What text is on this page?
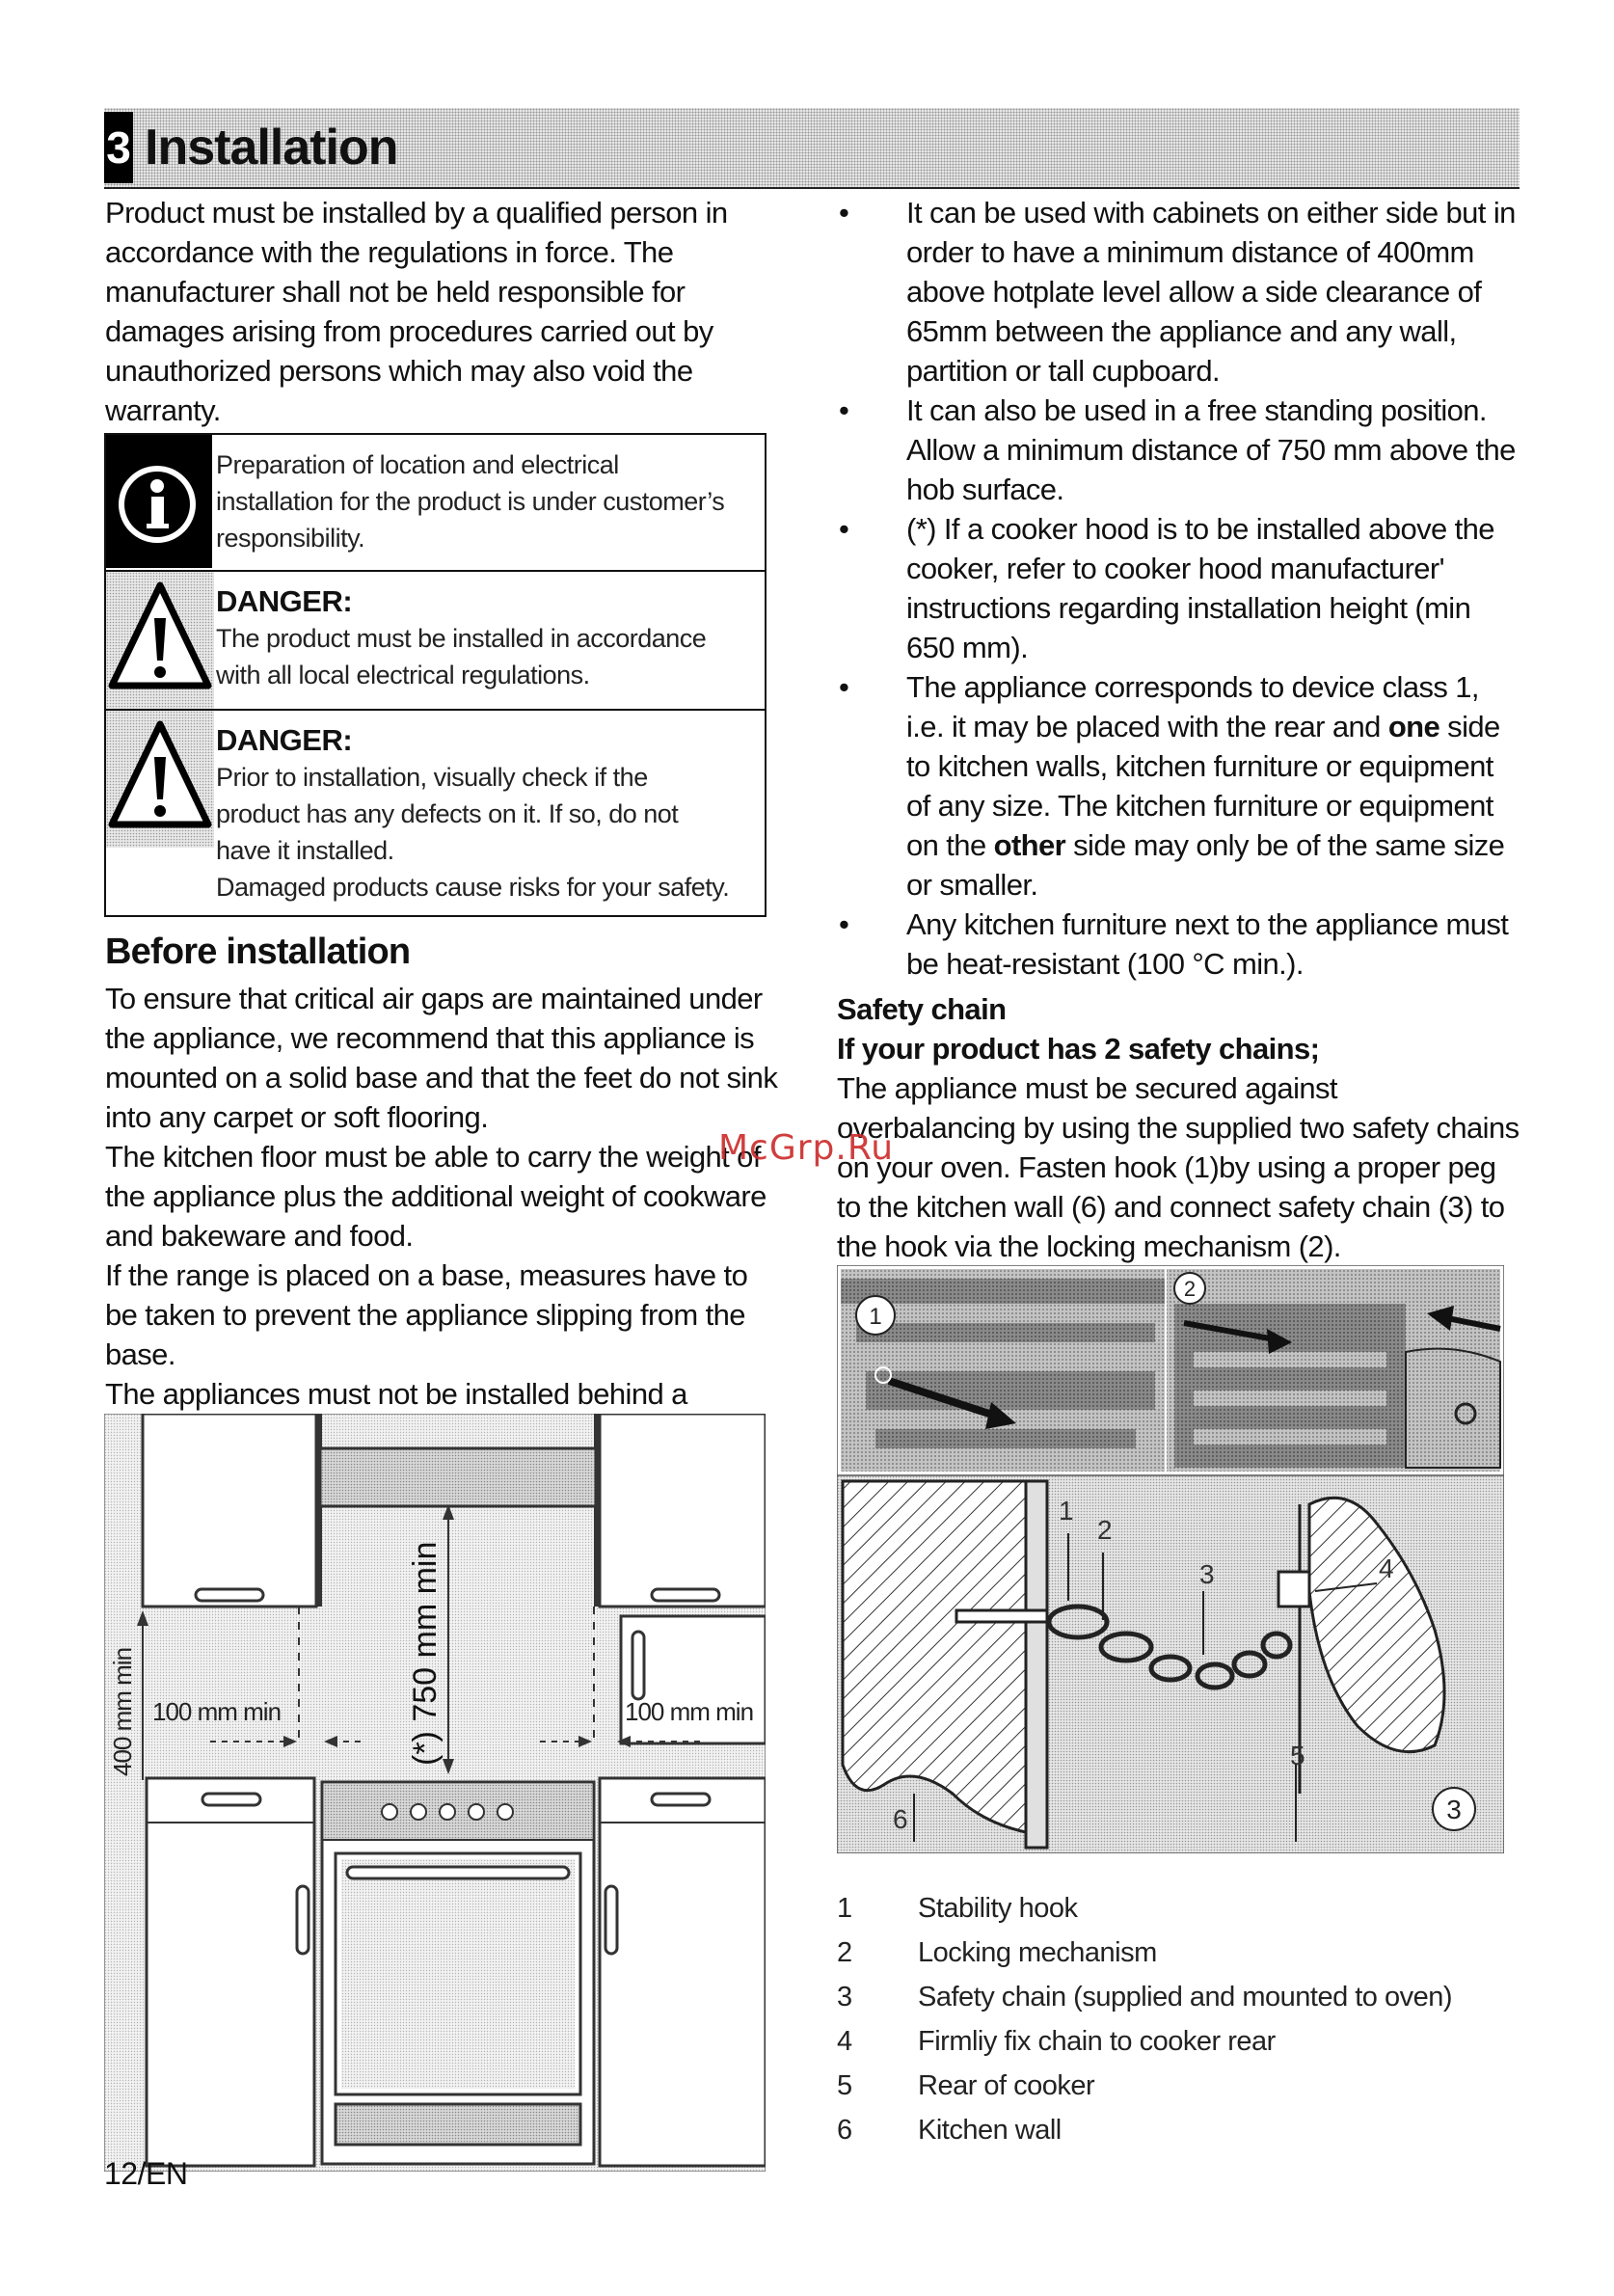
3 Installation
Product must be installed by a qualified person in accordance with the regulations in force. The manufacturer shall not be held responsible for damages arising from procedures carried out by unauthorized persons which may also void the warranty.
Preparation of location and electrical
installation for the product is under customer’s
responsibility.
DANGER:
The product must be installed in accordance
with all local electrical regulations.
DANGER:
Prior to installation, visually check if the
product has any defects on it. If so, do not
have it installed.
Damaged products cause risks for your safety.
Before installation
To ensure that critical air gaps are maintained under the appliance, we recommend that this appliance is mounted on a solid base and that the feet do not sink into any carpet or soft flooring.
The kitchen floor must be able to carry the weight of the appliance plus the additional weight of cookware and bakeware and food.
If the range is placed on a base, measures have to be taken to prevent the appliance slipping from the base.
The appliances must not be installed behind a
100 mm min	100 mm min
(*) 750 mm min
400 mm min
• It can be used with cabinets on either side but in order to have a minimum distance of 400mm above hotplate level allow a side clearance of 65mm between the appliance and any wall, partition or tall cupboard.
• It can also be used in a free standing position. Allow a minimum distance of 750 mm above the hob surface.
• (*) If a cooker hood is to be installed above the cooker, refer to cooker hood manufacturer' instructions regarding installation height (min 650 mm).
• The appliance corresponds to device class 1, i.e. it may be placed with the rear and one side to kitchen walls, kitchen furniture or equipment of any size. The kitchen furniture or equipment on the other side may only be of the same size or smaller.
• Any kitchen furniture next to the appliance must be heat-resistant (100 °C min.).
Safety chain
If your product has 2 safety chains;
The appliance must be secured against overbalancing by using the supplied two safety chains on your oven. Fasten hook (1)by using a proper peg to the kitchen wall (6) and connect safety chain (3) to the hook via the locking mechanism (2).
McGrp.Ru
1
2
1
2
3	4
5
6	3
1 Stability hook
2 Locking mechanism
3 Safety chain (supplied and mounted to oven)
4 Firmliy fix chain to cooker rear
5 Rear of cooker
6 Kitchen wall
12/EN
